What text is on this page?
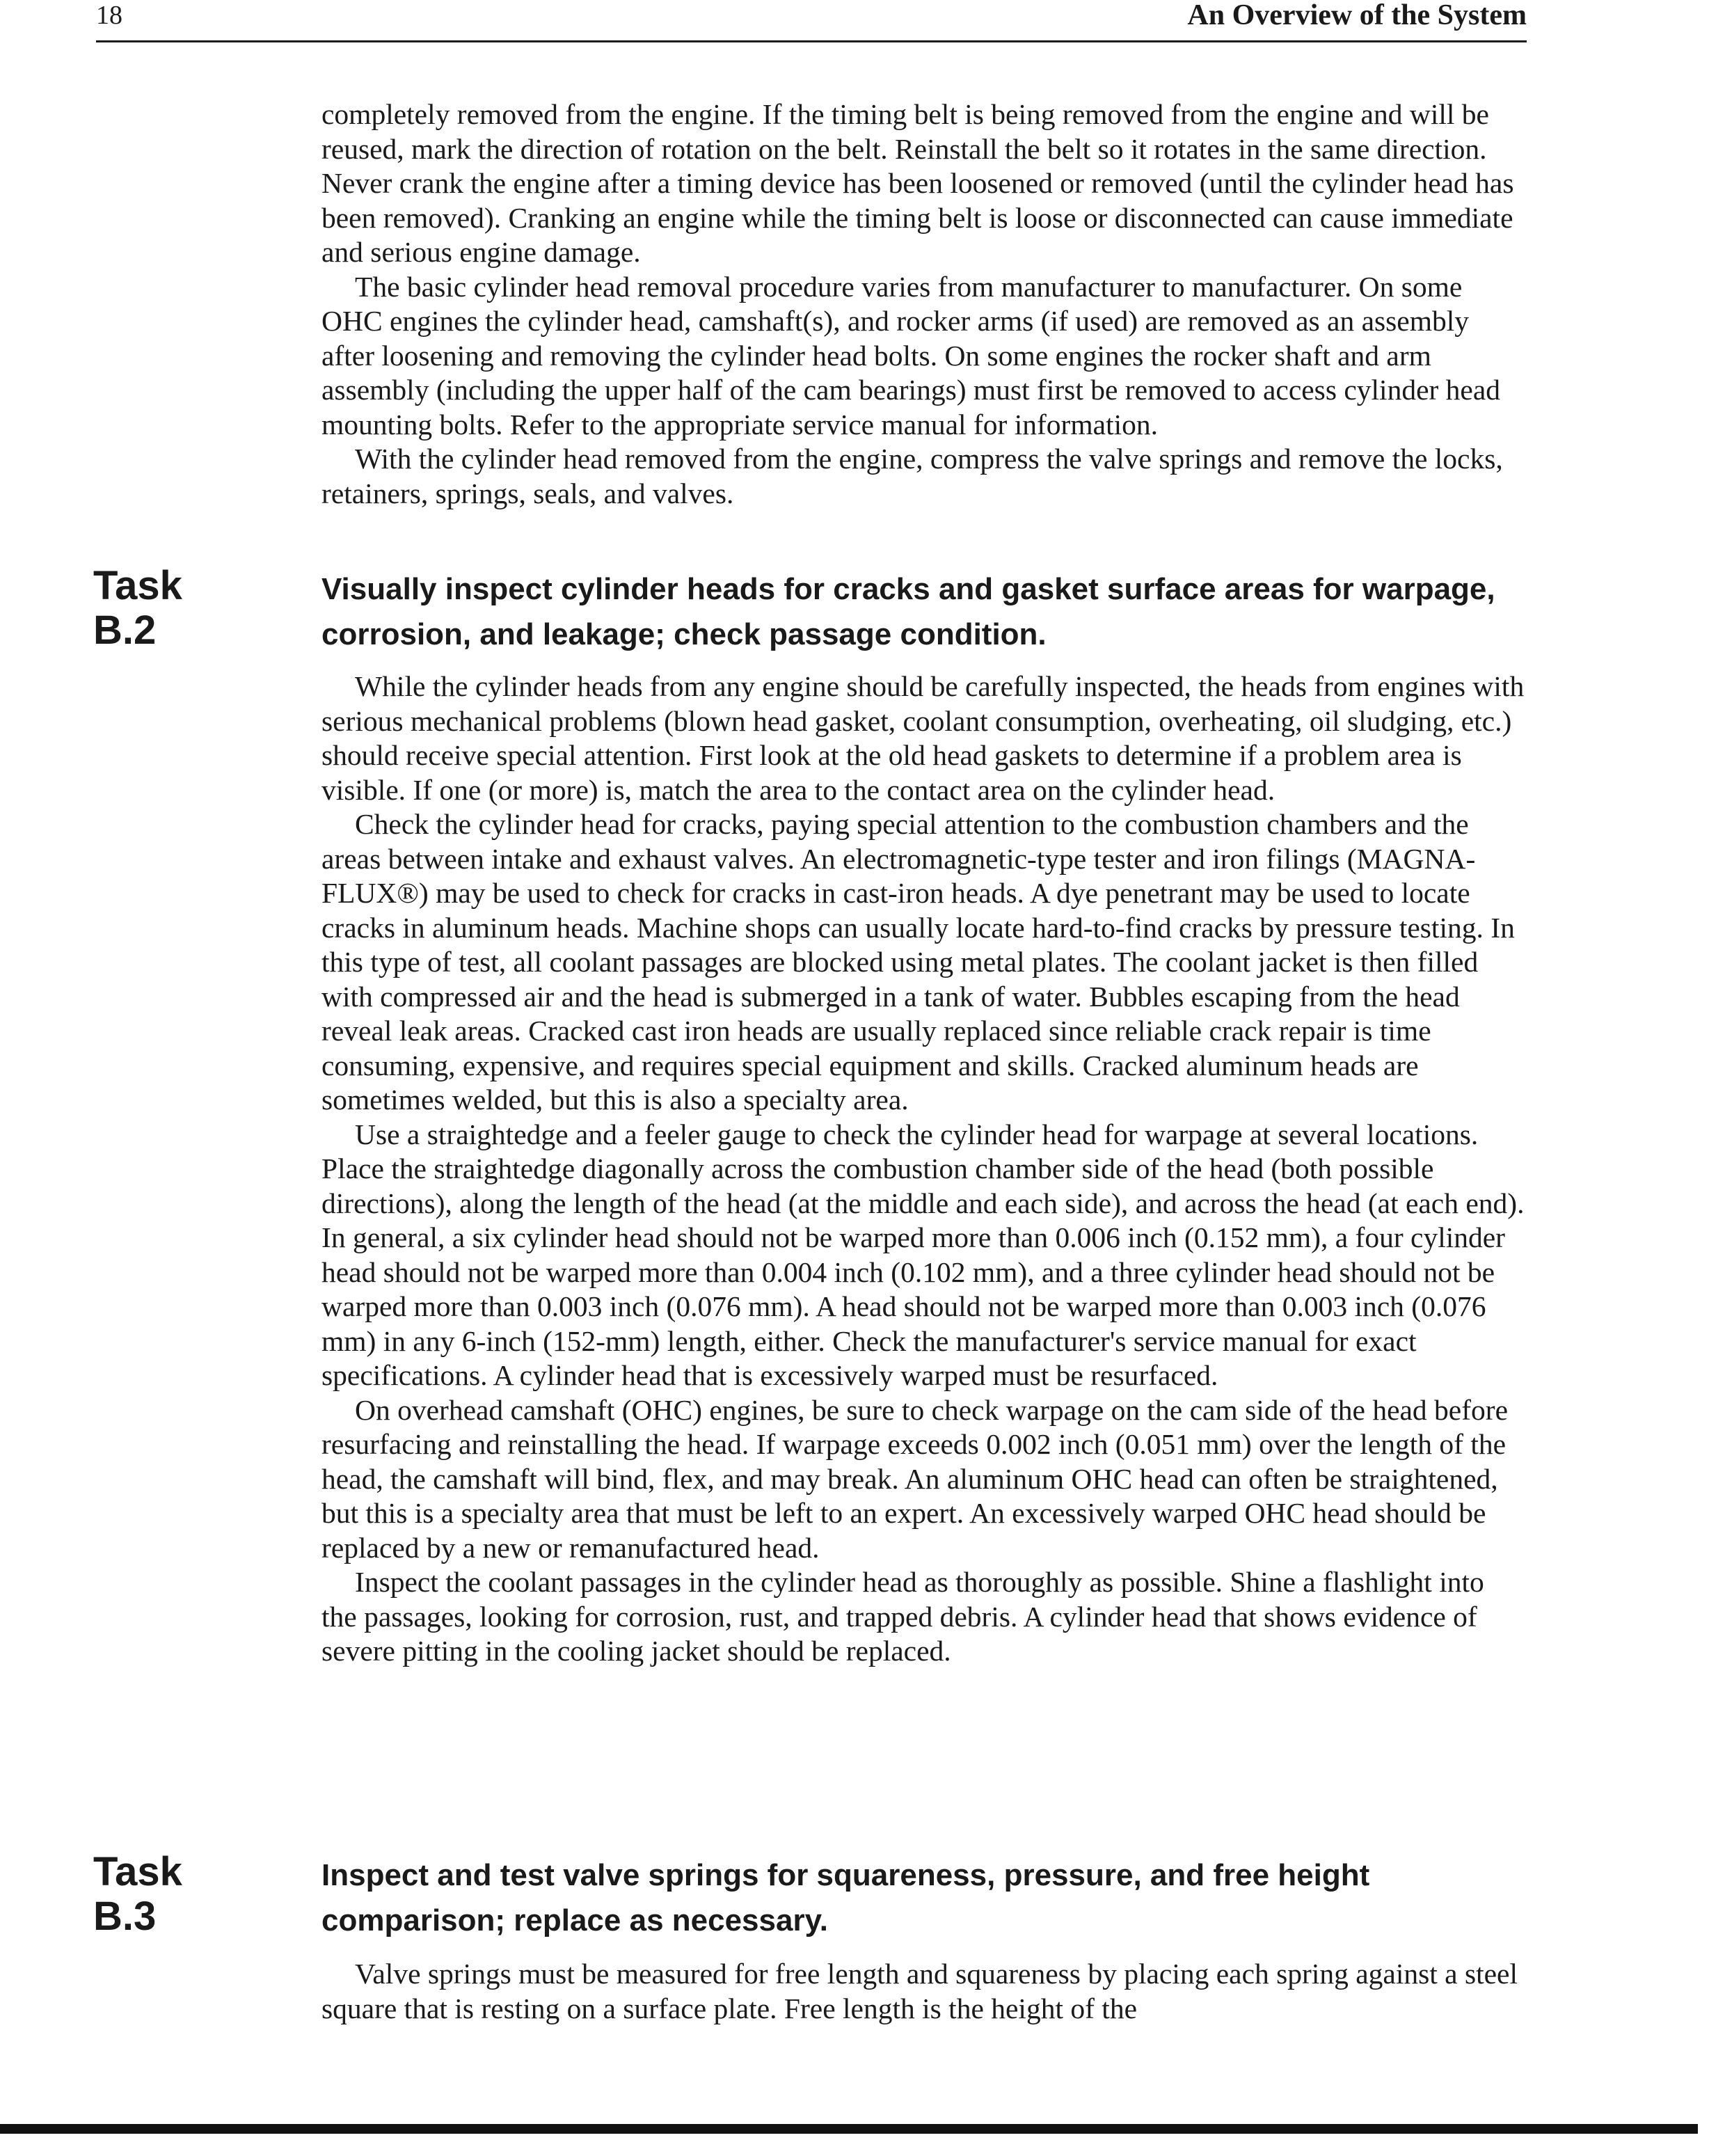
18	An Overview of the System

completely removed from the engine. If the timing belt is being removed from the engine and will be reused, mark the direction of rotation on the belt. Reinstall the belt so it rotates in the same direction. Never crank the engine after a timing device has been loosened or removed (until the cylinder head has been removed). Cranking an engine while the timing belt is loose or disconnected can cause immediate and serious engine damage.

The basic cylinder head removal procedure varies from manufacturer to manufacturer. On some OHC engines the cylinder head, camshaft(s), and rocker arms (if used) are removed as an assembly after loosening and removing the cylinder head bolts. On some engines the rocker shaft and arm assembly (including the upper half of the cam bearings) must first be removed to access cylinder head mounting bolts. Refer to the appropriate service manual for information.

With the cylinder head removed from the engine, compress the valve springs and remove the locks, retainers, springs, seals, and valves.

Task
B.2
Visually inspect cylinder heads for cracks and gasket surface areas for warpage, corrosion, and leakage; check passage condition.

While the cylinder heads from any engine should be carefully inspected, the heads from engines with serious mechanical problems (blown head gasket, coolant consumption, overheating, oil sludging, etc.) should receive special attention. First look at the old head gaskets to determine if a problem area is visible. If one (or more) is, match the area to the contact area on the cylinder head.

Check the cylinder head for cracks, paying special attention to the combustion chambers and the areas between intake and exhaust valves. An electromagnetic-type tester and iron filings (MAGNA-FLUX®) may be used to check for cracks in cast-iron heads. A dye penetrant may be used to locate cracks in aluminum heads. Machine shops can usually locate hard-to-find cracks by pressure testing. In this type of test, all coolant passages are blocked using metal plates. The coolant jacket is then filled with compressed air and the head is submerged in a tank of water. Bubbles escaping from the head reveal leak areas. Cracked cast iron heads are usually replaced since reliable crack repair is time consuming, expensive, and requires special equipment and skills. Cracked aluminum heads are sometimes welded, but this is also a specialty area.

Use a straightedge and a feeler gauge to check the cylinder head for warpage at several locations. Place the straightedge diagonally across the combustion chamber side of the head (both possible directions), along the length of the head (at the middle and each side), and across the head (at each end). In general, a six cylinder head should not be warped more than 0.006 inch (0.152 mm), a four cylinder head should not be warped more than 0.004 inch (0.102 mm), and a three cylinder head should not be warped more than 0.003 inch (0.076 mm). A head should not be warped more than 0.003 inch (0.076 mm) in any 6-inch (152-mm) length, either. Check the manufacturer's service manual for exact specifications. A cylinder head that is excessively warped must be resurfaced.

On overhead camshaft (OHC) engines, be sure to check warpage on the cam side of the head before resurfacing and reinstalling the head. If warpage exceeds 0.002 inch (0.051 mm) over the length of the head, the camshaft will bind, flex, and may break. An aluminum OHC head can often be straightened, but this is a specialty area that must be left to an expert. An excessively warped OHC head should be replaced by a new or remanufactured head.

Inspect the coolant passages in the cylinder head as thoroughly as possible. Shine a flashlight into the passages, looking for corrosion, rust, and trapped debris. A cylinder head that shows evidence of severe pitting in the cooling jacket should be replaced.

Task
B.3
Inspect and test valve springs for squareness, pressure, and free height comparison; replace as necessary.

Valve springs must be measured for free length and squareness by placing each spring against a steel square that is resting on a surface plate. Free length is the height of the
